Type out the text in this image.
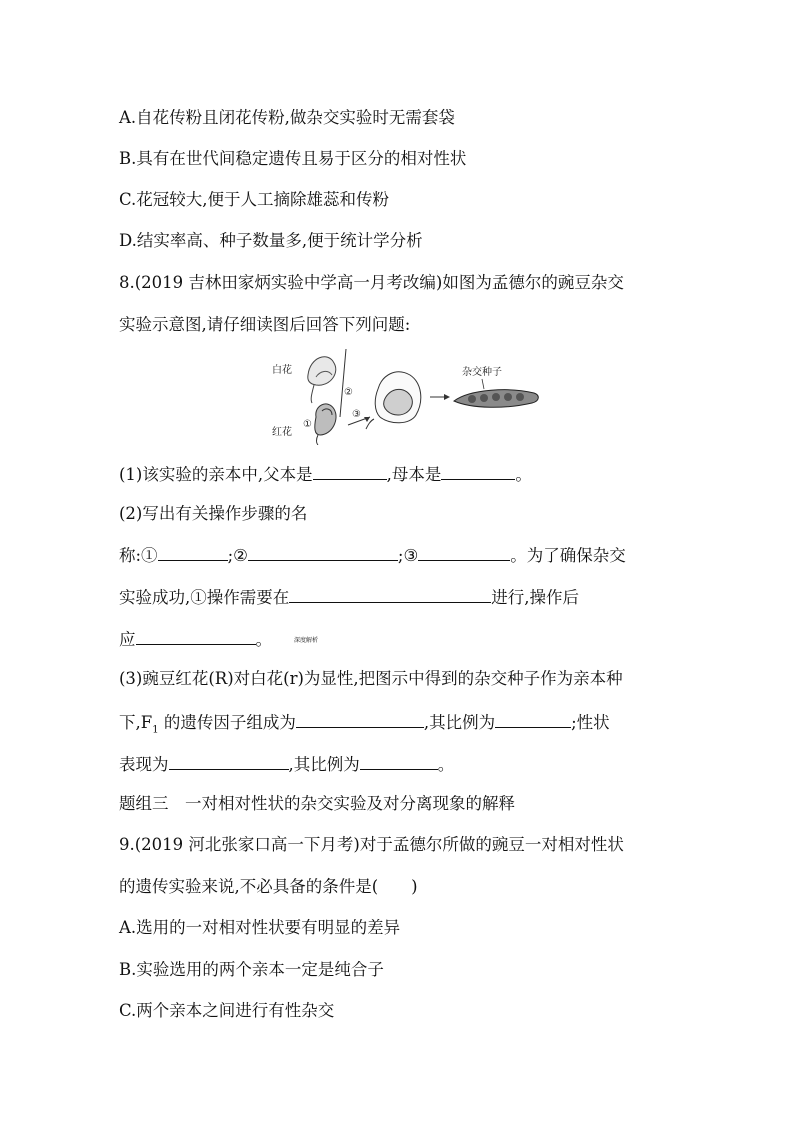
A.自花传粉且闭花传粉,做杂交实验时无需套袋
B.具有在世代间稳定遗传且易于区分的相对性状
C.花冠较大,便于人工摘除雄蕊和传粉
D.结实率高、种子数量多,便于统计学分析
8.(2019 吉林田家炳实验中学高一月考改编)如图为孟德尔的豌豆杂交
实验示意图,请仔细读图后回答下列问题:
白花
红花
②
①
③
杂交种子
(1)该实验的亲本中,父本是	,母本是	。
(2)写出有关操作步骤的名
称:①	;②	;③	。为了确保杂交
实验成功,①操作需要在	进行,操作后
应	。	深度解析
(3)豌豆红花(R)对白花(r)为显性,把图示中得到的杂交种子作为亲本种
下$,F_1$ 的遗传因子组成为	,其比例为	;性状
表现为	,其比例为	。
题组三　一对相对性状的杂交实验及对分离现象的解释
9.(2019 河北张家口高一下月考)对于孟德尔所做的豌豆一对相对性状
的遗传实验来说,不必具备的条件是(　　)
A.选用的一对相对性状要有明显的差异
B.实验选用的两个亲本一定是纯合子
C.两个亲本之间进行有性杂交
